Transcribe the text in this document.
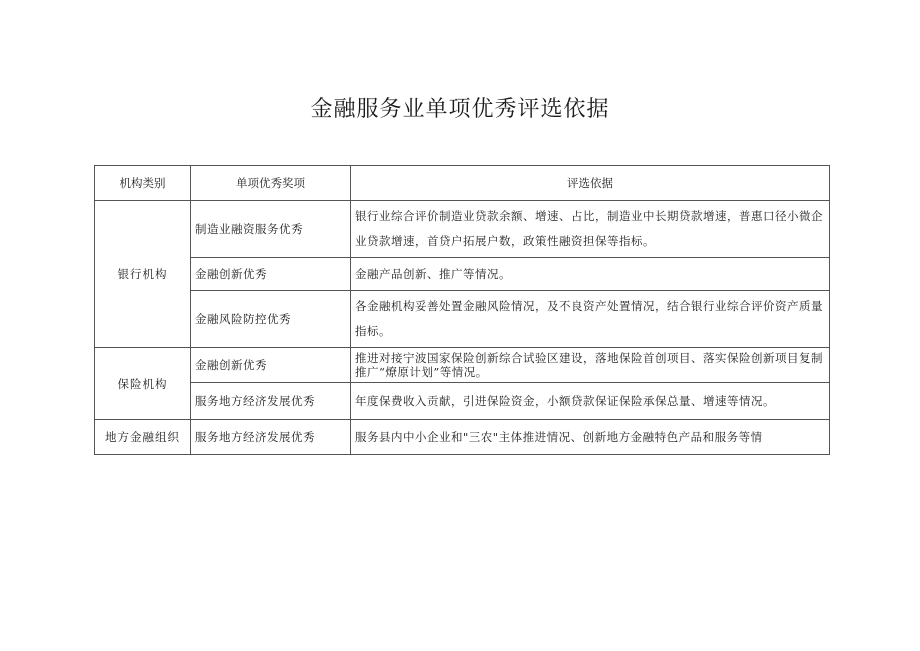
金融服务业单项优秀评选依据
机构类别	单项优秀奖项	评选依据
银行机构	制造业融资服务优秀	银行业综合评价制造业贷款余额、增速、占比，制造业中长期贷款增速，普惠口径小微企业贷款增速，首贷户拓展户数，政策性融资担保等指标。
	金融创新优秀	金融产品创新、推广等情况。
	金融风险防控优秀	各金融机构妥善处置金融风险情况，及不良资产处置情况，结合银行业综合评价资产质量指标。
保险机构	金融创新优秀	推进对接宁波国家保险创新综合试验区建设，落地保险首创项目、落实保险创新项目复制推广“燎原计划”等情况。
	服务地方经济发展优秀	年度保费收入贡献，引进保险资金，小额贷款保证保险承保总量、增速等情况。
地方金融组织	服务地方经济发展优秀	服务县内中小企业和"三农"主体推进情况、创新地方金融特色产品和服务等情
